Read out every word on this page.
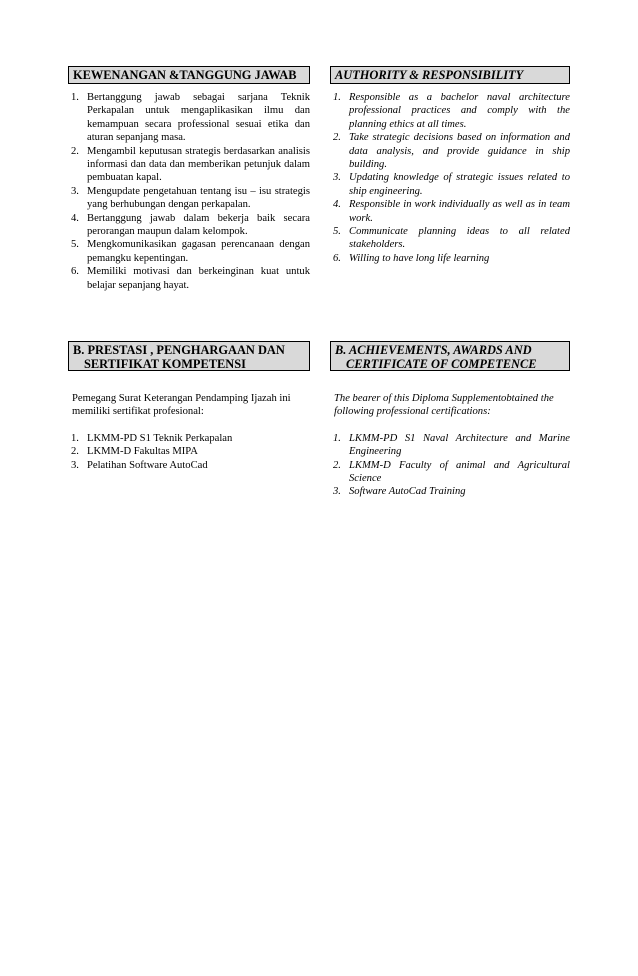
KEWENANGAN &TANGGUNG JAWAB
1. Bertanggung jawab sebagai sarjana Teknik Perkapalan untuk mengaplikasikan ilmu dan kemampuan secara professional sesuai etika dan aturan sepanjang masa.
2. Mengambil keputusan strategis berdasarkan analisis informasi dan data dan memberikan petunjuk dalam pembuatan kapal.
3. Mengupdate pengetahuan tentang isu – isu strategis yang berhubungan dengan perkapalan.
4. Bertanggung jawab dalam bekerja baik secara perorangan maupun dalam kelompok.
5. Mengkomunikasikan gagasan perencanaan dengan pemangku kepentingan.
6. Memiliki motivasi dan berkeinginan kuat untuk belajar sepanjang hayat.
AUTHORITY & RESPONSIBILITY
1. Responsible as a bachelor naval architecture professional practices and comply with the planning ethics at all times.
2. Take strategic decisions based on information and data analysis, and provide guidance in ship building.
3. Updating knowledge of strategic issues related to ship engineering.
4. Responsible in work individually as well as in team work.
5. Communicate planning ideas to all related stakeholders.
6. Willing to have long life learning
B. PRESTASI , PENGHARGAAN DAN
SERTIFIKAT KOMPETENSI
Pemegang Surat Keterangan Pendamping Ijazah ini memiliki sertifikat profesional:
1. LKMM-PD S1 Teknik Perkapalan
2. LKMM-D Fakultas MIPA
3. Pelatihan Software AutoCad
B. ACHIEVEMENTS, AWARDS AND
CERTIFICATE OF COMPETENCE
The bearer of this Diploma Supplementobtained the following professional certifications:
1. LKMM-PD S1 Naval Architecture and Marine Engineering
2. LKMM-D Faculty of animal and Agricultural Science
3. Software AutoCad Training
